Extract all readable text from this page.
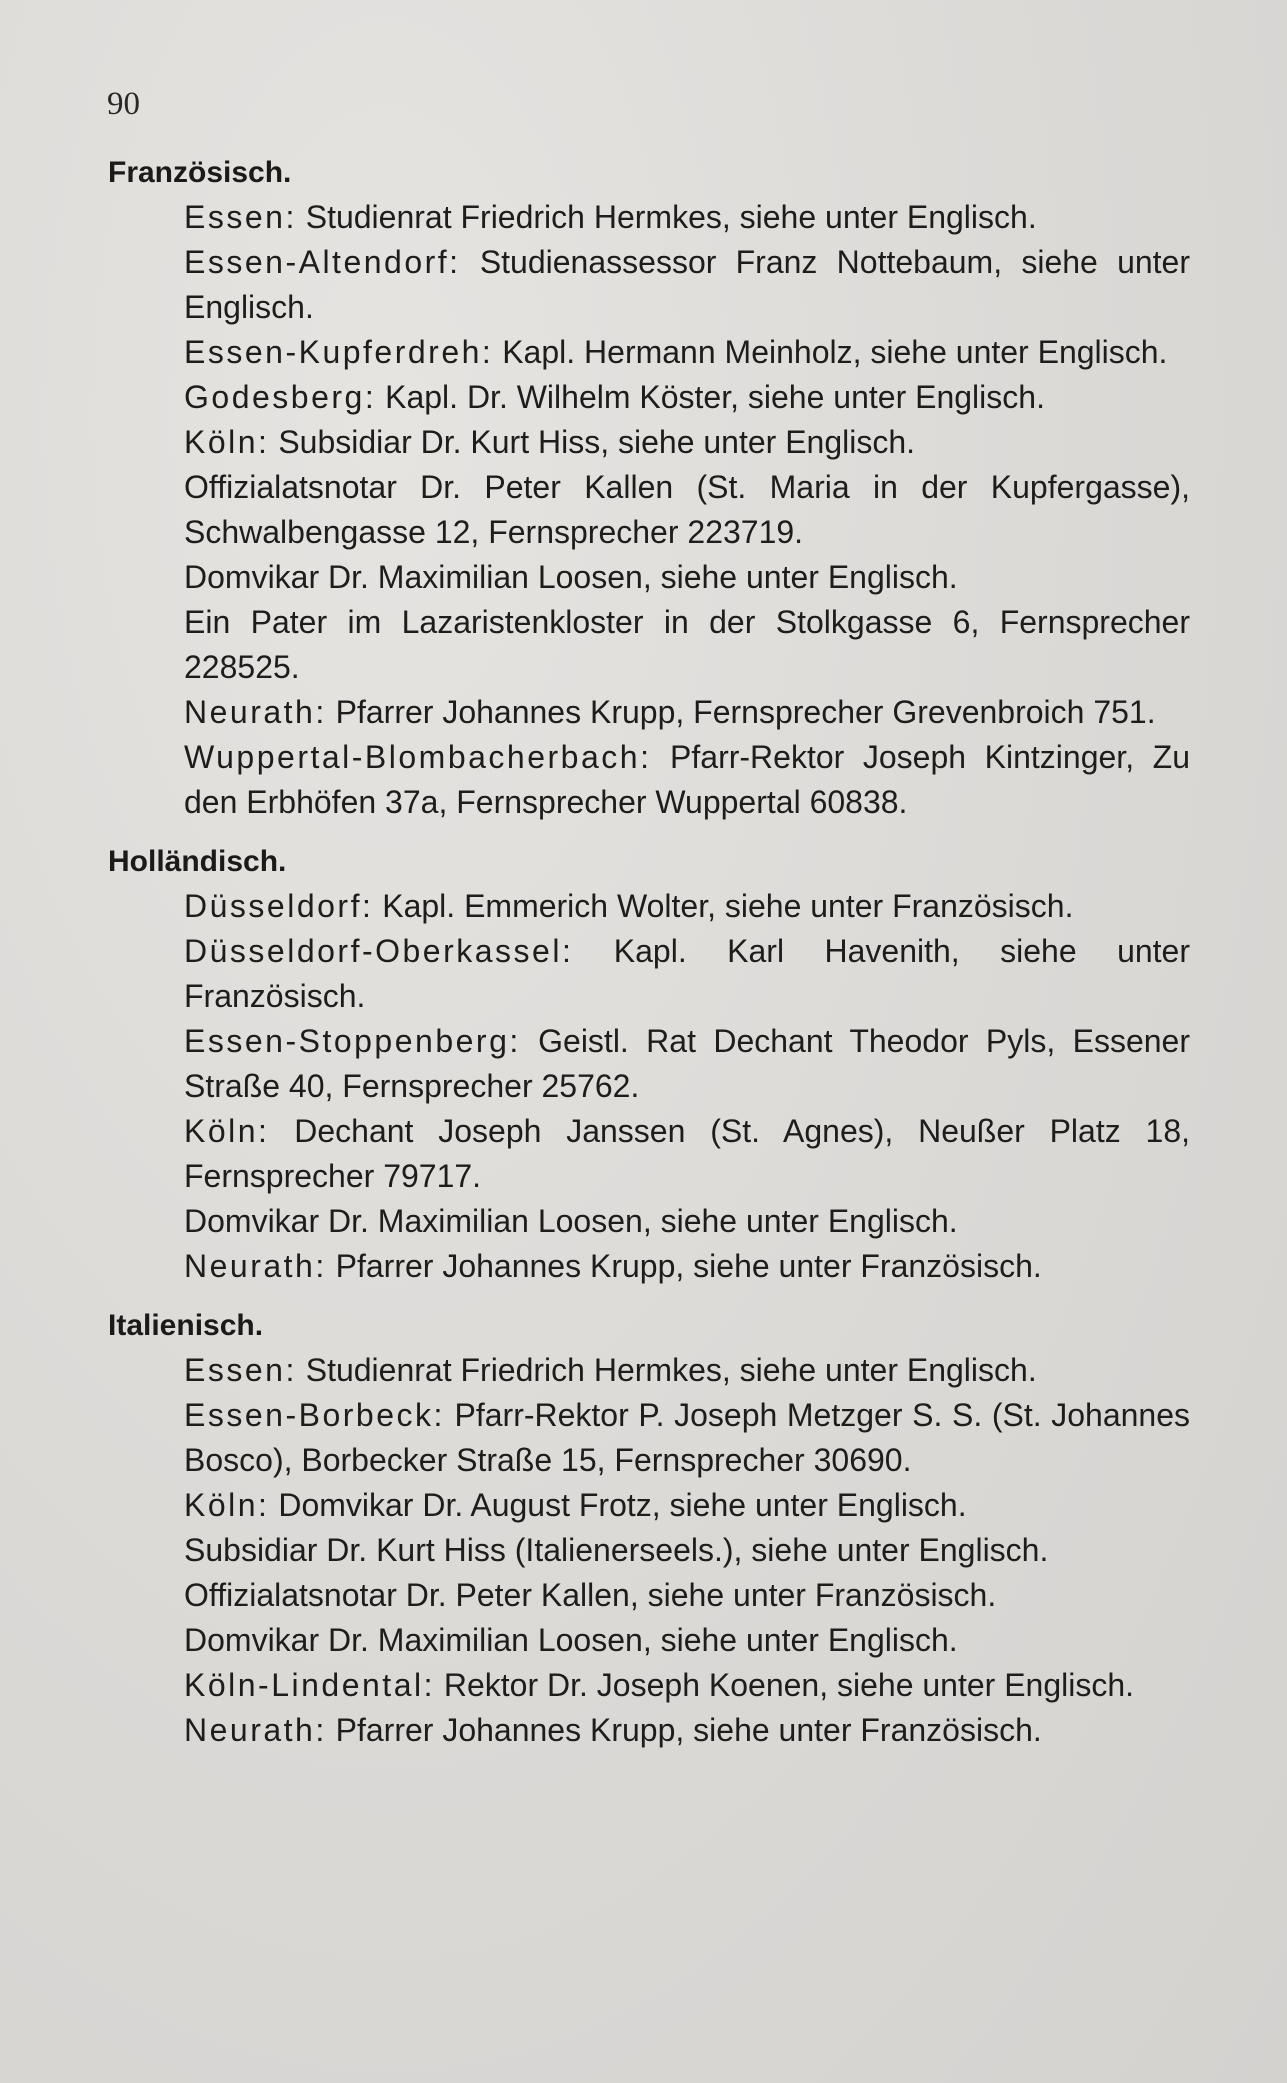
90
Französisch.

Essen: Studienrat Friedrich Hermkes, siehe unter Englisch.

Essen-Altendorf: Studienassessor Franz Nottebaum, siehe unter Englisch.

Essen-Kupferdreh: Kapl. Hermann Meinholz, siehe unter Englisch.

Godesberg: Kapl. Dr. Wilhelm Köster, siehe unter Englisch.

Köln: Subsidiar Dr. Kurt Hiss, siehe unter Englisch.

Offizialatsnotar Dr. Peter Kallen (St. Maria in der Kupfergasse), Schwalbengasse 12, Fernsprecher 223719.

Domvikar Dr. Maximilian Loosen, siehe unter Englisch.

Ein Pater im Lazaristenkloster in der Stolkgasse 6, Fernsprecher 228525.

Neurath: Pfarrer Johannes Krupp, Fernsprecher Grevenbroich 751.

Wuppertal-Blombacherbach: Pfarr-Rektor Joseph Kintzinger, Zu den Erbhöfen 37a, Fernsprecher Wuppertal 60838.

Holländisch.

Düsseldorf: Kapl. Emmerich Wolter, siehe unter Französisch.

Düsseldorf-Oberkassel: Kapl. Karl Havenith, siehe unter Französisch.

Essen-Stoppenberg: Geistl. Rat Dechant Theodor Pyls, Essener Straße 40, Fernsprecher 25762.

Köln: Dechant Joseph Janssen (St. Agnes), Neußer Platz 18, Fernsprecher 79717.

Domvikar Dr. Maximilian Loosen, siehe unter Englisch.

Neurath: Pfarrer Johannes Krupp, siehe unter Französisch.

Italienisch.

Essen: Studienrat Friedrich Hermkes, siehe unter Englisch.

Essen-Borbeck: Pfarr-Rektor P. Joseph Metzger S. S. (St. Johannes Bosco), Borbecker Straße 15, Fernsprecher 30690.

Köln: Domvikar Dr. August Frotz, siehe unter Englisch.

Subsidiar Dr. Kurt Hiss (Italienerseels.), siehe unter Englisch.

Offizialatsnotar Dr. Peter Kallen, siehe unter Französisch.

Domvikar Dr. Maximilian Loosen, siehe unter Englisch.

Köln-Lindental: Rektor Dr. Joseph Koenen, siehe unter Englisch.

Neurath: Pfarrer Johannes Krupp, siehe unter Französisch.
